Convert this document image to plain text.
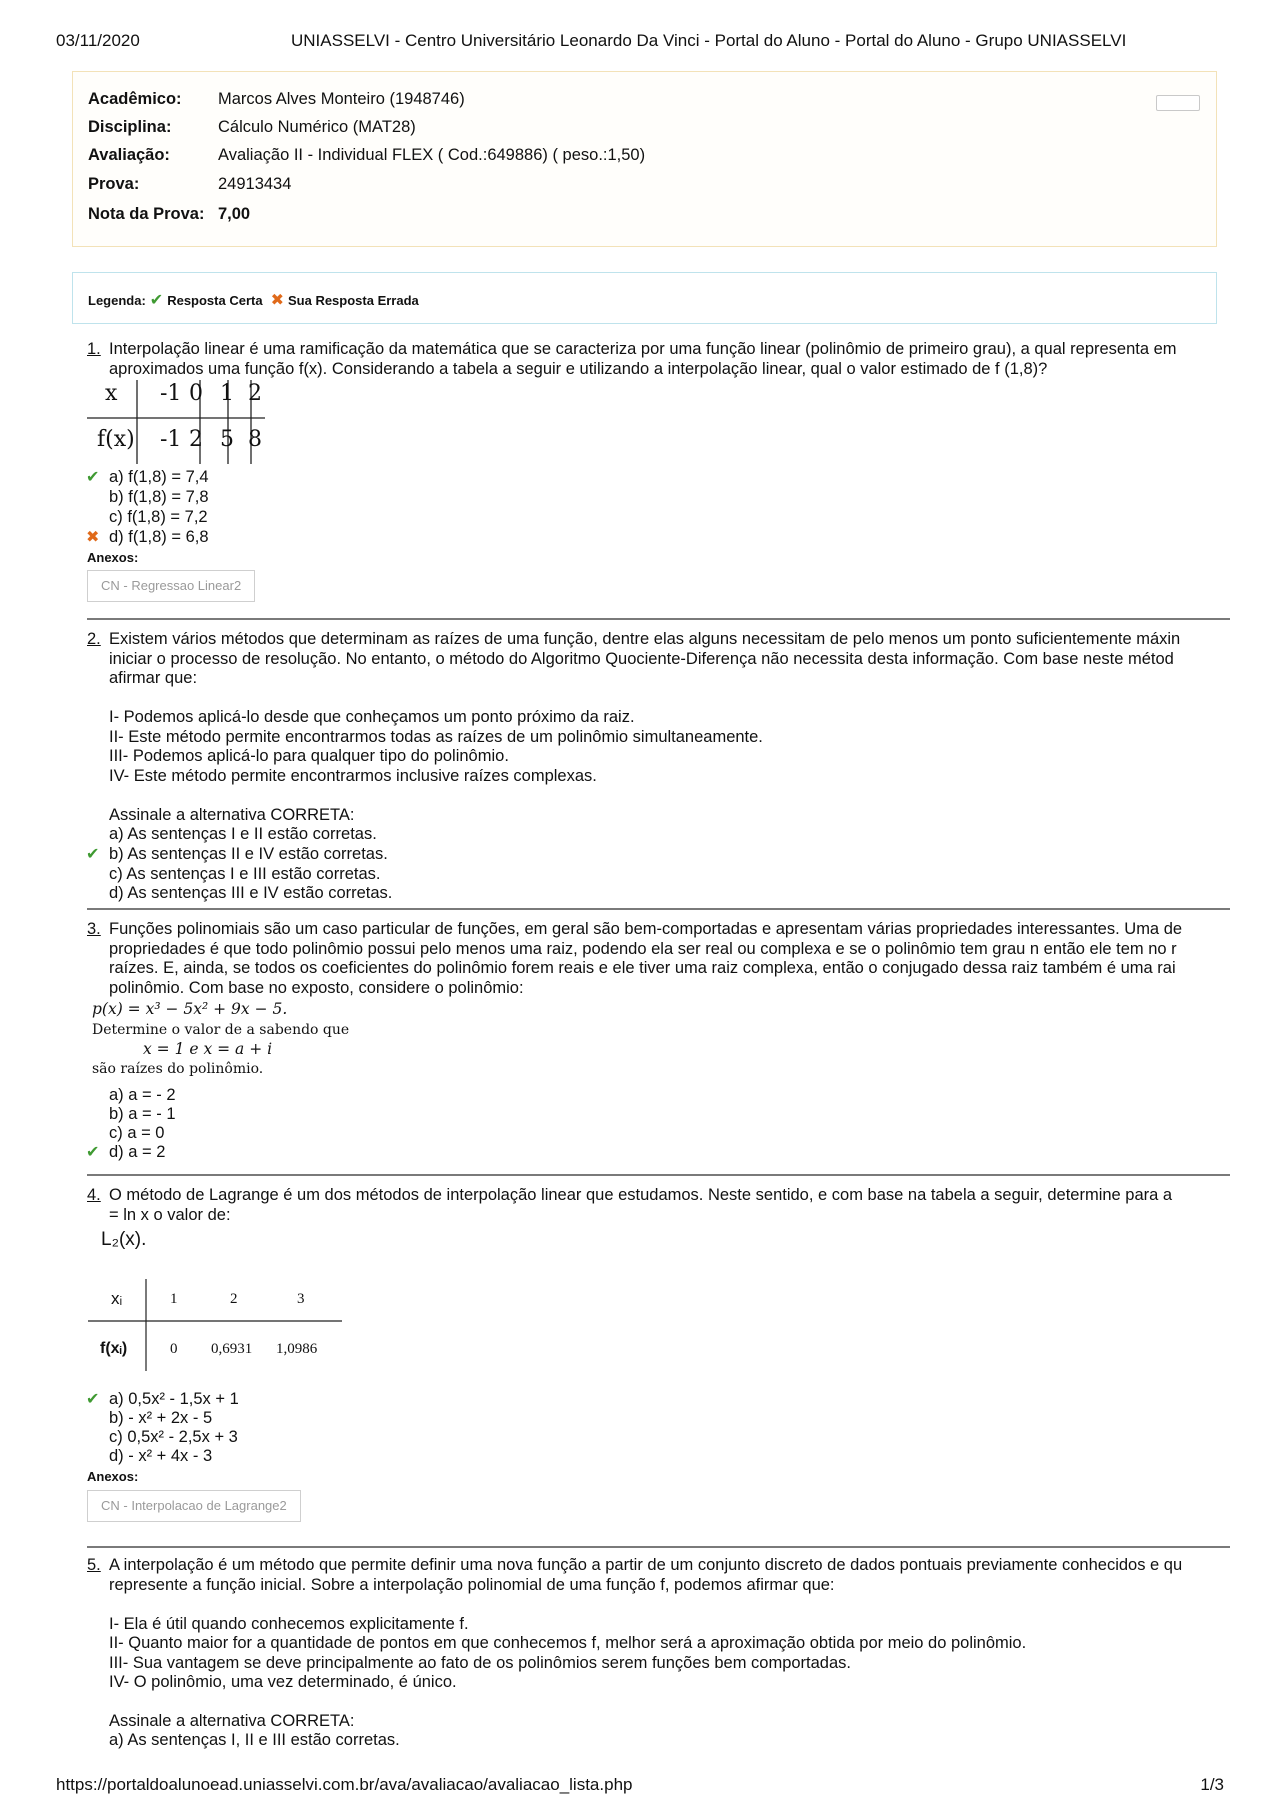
03/11/2020	UNIASSELVI - Centro Universitário Leonardo Da Vinci - Portal do Aluno - Portal do Aluno - Grupo UNIASSELVI
Acadêmico: Marcos Alves Monteiro (1948746)
Disciplina:	Cálculo Numérico (MAT28)
Avaliação:	Avaliação II - Individual FLEX ( Cod.:649886) ( peso.:1,50)
Prova:	24913434
Nota da Prova: 7,00
Legenda: ✔ Resposta Certa ✖ Sua Resposta Errada
1. Interpolação linear é uma ramificação da matemática que se caracteriza por uma função linear (polinômio de primeiro grau), a qual representa em
aproximados uma função f(x). Considerando a tabela a seguir e utilizando a interpolação linear, qual o valor estimado de f (1,8)?
x -1 0 1 2
f(x) -1 2 5 8
✔ a) f(1,8) = 7,4
b) f(1,8) = 7,8
c) f(1,8) = 7,2
✖ d) f(1,8) = 6,8
Anexos:
CN - Regressao Linear2
2. Existem vários métodos que determinam as raízes de uma função, dentre elas alguns necessitam de pelo menos um ponto suficientemente máxin
iniciar o processo de resolução. No entanto, o método do Algoritmo Quociente-Diferença não necessita desta informação. Com base neste métod
afirmar que:
I- Podemos aplicá-lo desde que conheçamos um ponto próximo da raiz.
II- Este método permite encontrarmos todas as raízes de um polinômio simultaneamente.
III- Podemos aplicá-lo para qualquer tipo do polinômio.
IV- Este método permite encontrarmos inclusive raízes complexas.
Assinale a alternativa CORRETA:
a) As sentenças I e II estão corretas.
✔ b) As sentenças II e IV estão corretas.
c) As sentenças I e III estão corretas.
d) As sentenças III e IV estão corretas.
3. Funções polinomiais são um caso particular de funções, em geral são bem-comportadas e apresentam várias propriedades interessantes. Uma de
propriedades é que todo polinômio possui pelo menos uma raiz, podendo ela ser real ou complexa e se o polinômio tem grau n então ele tem no r
raízes. E, ainda, se todos os coeficientes do polinômio forem reais e ele tiver uma raiz complexa, então o conjugado dessa raiz também é uma rai
polinômio. Com base no exposto, considere o polinômio:
p(x) = x³ − 5x² + 9x − 5.
Determine o valor de a sabendo que
x = 1 e x = a + i
são raízes do polinômio.
a) a = - 2
b) a = - 1
c) a = 0
✔ d) a = 2
4. O método de Lagrange é um dos métodos de interpolação linear que estudamos. Neste sentido, e com base na tabela a seguir, determine para a
= ln x o valor de:
L₂(x).
xᵢ	1	2	3
f(xᵢ)	0 0,6931 1,0986
✔ a) 0,5x² - 1,5x + 1
b) - x² + 2x - 5
c) 0,5x² - 2,5x + 3
d) - x² + 4x - 3
Anexos:
CN - Interpolacao de Lagrange2
5. A interpolação é um método que permite definir uma nova função a partir de um conjunto discreto de dados pontuais previamente conhecidos e qu
represente a função inicial. Sobre a interpolação polinomial de uma função f, podemos afirmar que:
I- Ela é útil quando conhecemos explicitamente f.
II- Quanto maior for a quantidade de pontos em que conhecemos f, melhor será a aproximação obtida por meio do polinômio.
III- Sua vantagem se deve principalmente ao fato de os polinômios serem funções bem comportadas.
IV- O polinômio, uma vez determinado, é único.
Assinale a alternativa CORRETA:
a) As sentenças I, II e III estão corretas.
https://portaldoalunoead.uniasselvi.com.br/ava/avaliacao/avaliacao_lista.php	1/3
